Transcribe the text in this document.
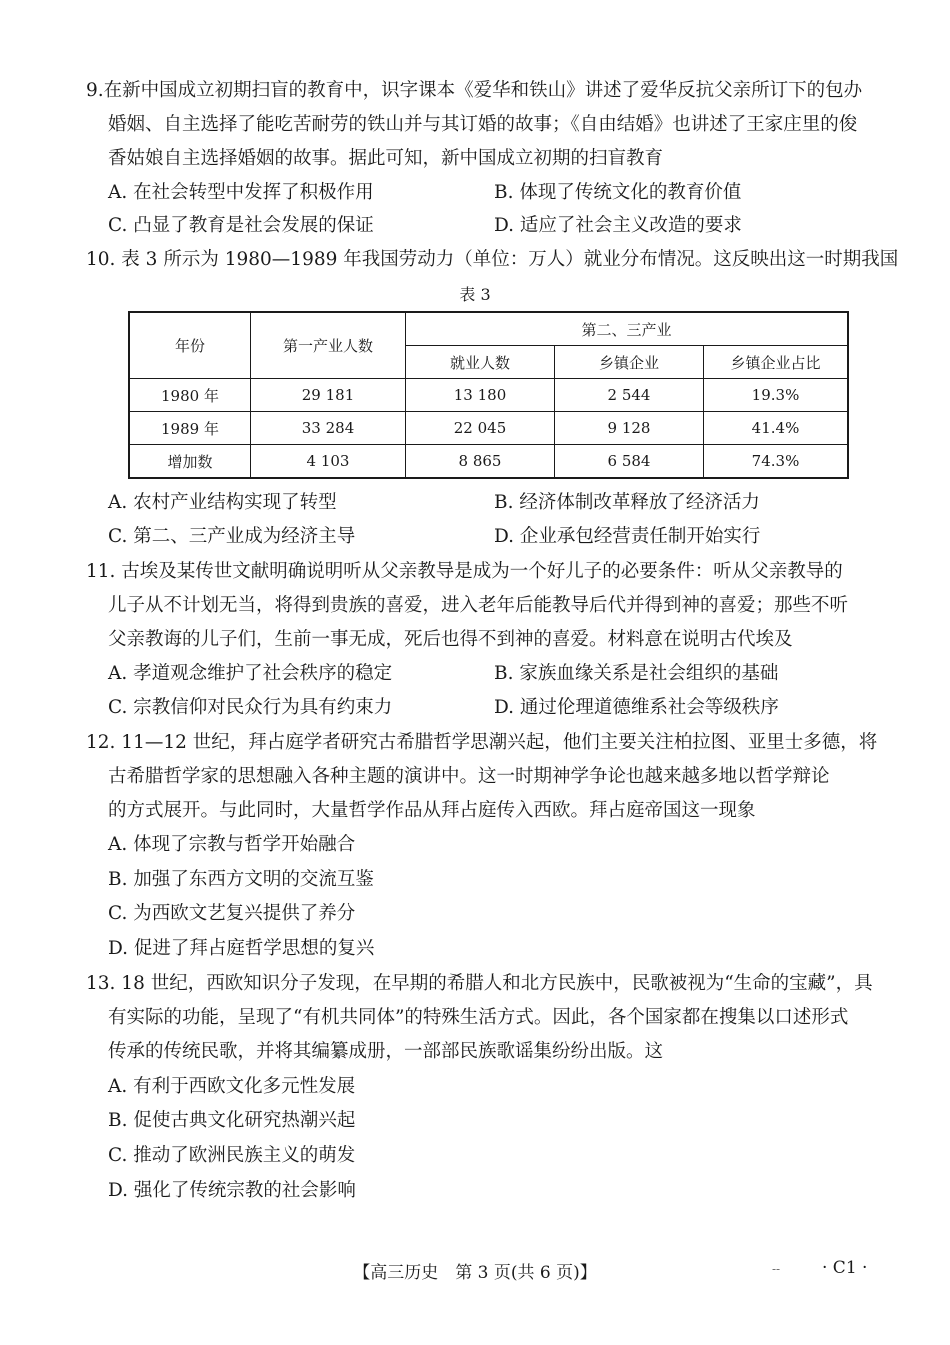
9.在新中国成立初期扫盲的教育中，识字课本《爱华和铁山》讲述了爱华反抗父亲所订下的包办
婚姻、自主选择了能吃苦耐劳的铁山并与其订婚的故事；《自由结婚》也讲述了王家庄里的俊
香姑娘自主选择婚姻的故事。据此可知，新中国成立初期的扫盲教育
A. 在社会转型中发挥了积极作用	B. 体现了传统文化的教育价值
C. 凸显了教育是社会发展的保证	D. 适应了社会主义改造的要求
10. 表 3 所示为 1980—1989 年我国劳动力（单位：万人）就业分布情况。这反映出这一时期我国
表 3
年份	第一产业人数	第二、三产业		
		就业人数	乡镇企业	乡镇企业占比
1980 年	29 181	13 180	2 544	19.3%
1989 年	33 284	22 045	9 128	41.4%
增加数	4 103	8 865	6 584	74.3%
A. 农村产业结构实现了转型	B. 经济体制改革释放了经济活力
C. 第二、三产业成为经济主导	D. 企业承包经营责任制开始实行
11. 古埃及某传世文献明确说明听从父亲教导是成为一个好儿子的必要条件：听从父亲教导的
儿子从不计划无当，将得到贵族的喜爱，进入老年后能教导后代并得到神的喜爱；那些不听
父亲教诲的儿子们，生前一事无成，死后也得不到神的喜爱。材料意在说明古代埃及
A. 孝道观念维护了社会秩序的稳定	B. 家族血缘关系是社会组织的基础
C. 宗教信仰对民众行为具有约束力	D. 通过伦理道德维系社会等级秩序
12. 11—12 世纪，拜占庭学者研究古希腊哲学思潮兴起，他们主要关注柏拉图、亚里士多德，将
古希腊哲学家的思想融入各种主题的演讲中。这一时期神学争论也越来越多地以哲学辩论
的方式展开。与此同时，大量哲学作品从拜占庭传入西欧。拜占庭帝国这一现象
A. 体现了宗教与哲学开始融合
B. 加强了东西方文明的交流互鉴
C. 为西欧文艺复兴提供了养分
D. 促进了拜占庭哲学思想的复兴
13. 18 世纪，西欧知识分子发现，在早期的希腊人和北方民族中，民歌被视为“生命的宝藏”，具
有实际的功能，呈现了“有机共同体”的特殊生活方式。因此，各个国家都在搜集以口述形式
传承的传统民歌，并将其编纂成册，一部部民族歌谣集纷纷出版。这
A. 有利于西欧文化多元性发展
B. 促使古典文化研究热潮兴起
C. 推动了欧洲民族主义的萌发
D. 强化了传统宗教的社会影响
【高三历史　第 3 页(共 6 页)】	-- · C1 ·
